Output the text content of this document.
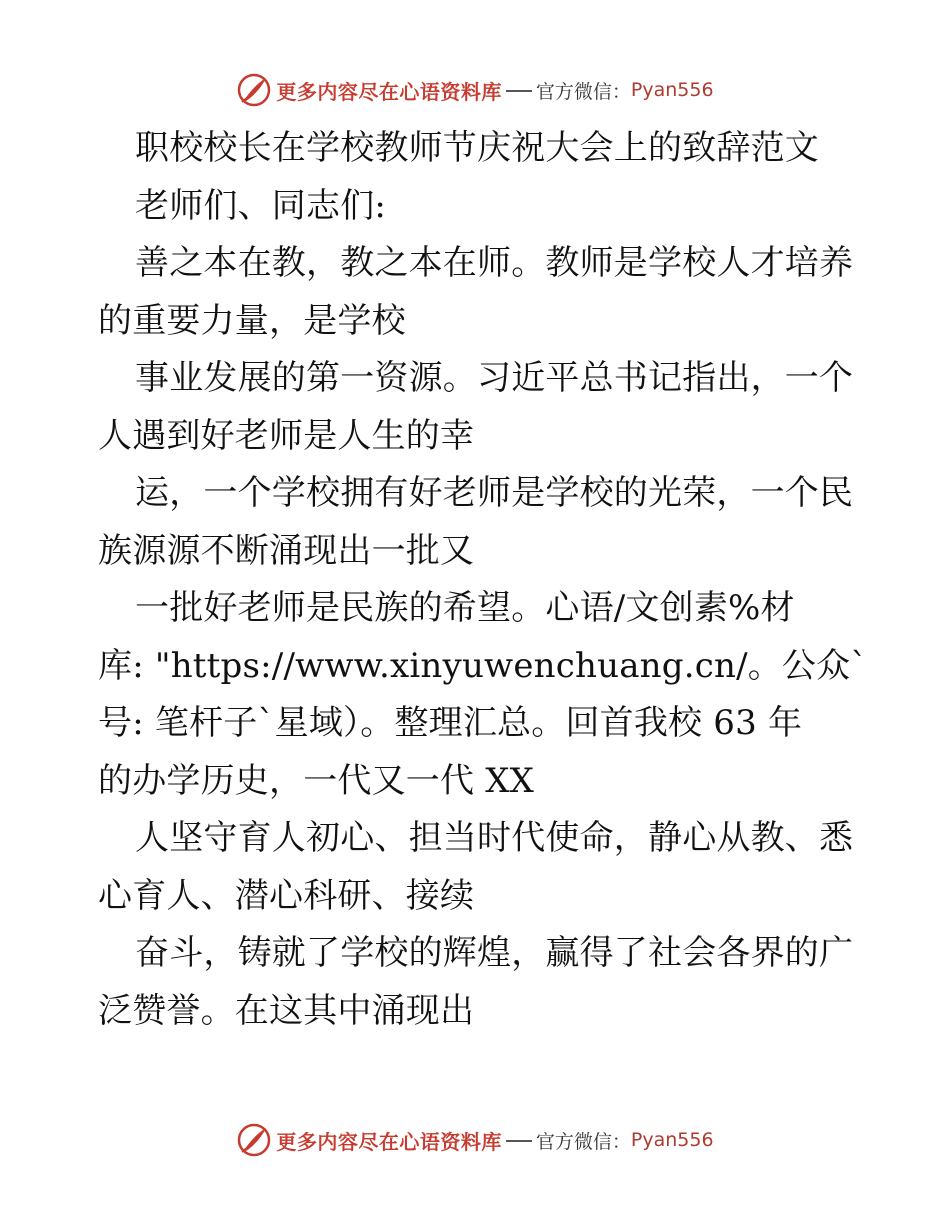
更多内容尽在心语资料库 官方微信： Pyan556
职校校长在学校教师节庆祝大会上的致辞范文
老师们、同志们:
善之本在教，教之本在师。教师是学校人才培养
的重要力量，是学校
事业发展的第一资源。习近平总书记指出，一个
人遇到好老师是人生的幸
运，一个学校拥有好老师是学校的光荣，一个民
族源源不断涌现出一批又
一批好老师是民族的希望。心语/文创素%材
库: "https://www.xinyuwenchuang.cn/。公众`
号: 笔杆子`星域）。整理汇总。回首我校 63 年
的办学历史，一代又一代 XX
人坚守育人初心、担当时代使命，静心从教、悉
心育人、潜心科研、接续
奋斗，铸就了学校的辉煌，赢得了社会各界的广
泛赞誉。在这其中涌现出
更多内容尽在心语资料库 官方微信： Pyan556
